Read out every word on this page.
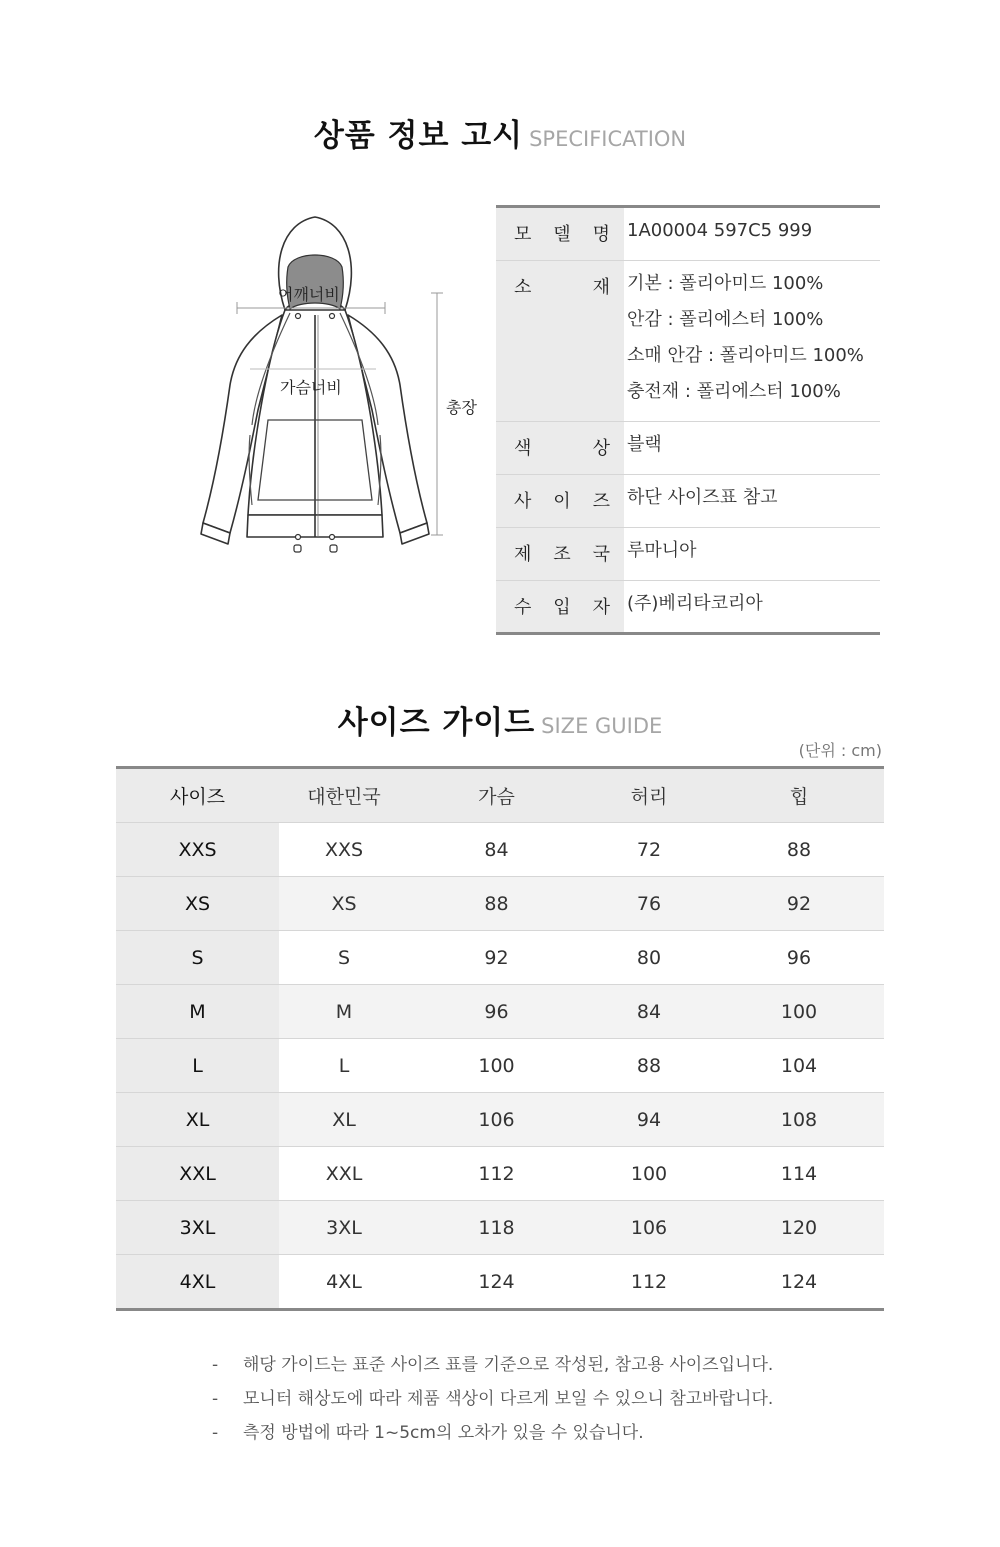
상품 정보 고시 SPECIFICATION
어깨너비
가슴너비
총장
모 델 명	1A00004 597C5 999

소 재	기본 : 폴리아미드 100%
안감 : 폴리에스터 100%
소매 안감 : 폴리아미드 100%
충전재 : 폴리에스터 100%

색 상	블랙

사 이 즈	하단 사이즈표 참고

제 조 국	루마니아

수 입 자	(주)베리타코리아
사이즈 가이드 SIZE GUIDE
(단위 : cm)
사이즈	대한민국	가슴	허리	힙
XXS	XXS	84	72	88
XS	XS	88	76	92
S	S	92	80	96
M	M	96	84	100
L	L	100	88	104
XL	XL	106	94	108
XXL	XXL	112	100	114
3XL	3XL	118	106	120
4XL	4XL	124	112	124
- 해당 가이드는 표준 사이즈 표를 기준으로 작성된, 참고용 사이즈입니다.
- 모니터 해상도에 따라 제품 색상이 다르게 보일 수 있으니 참고바랍니다.
- 측정 방법에 따라 1~5cm의 오차가 있을 수 있습니다.
